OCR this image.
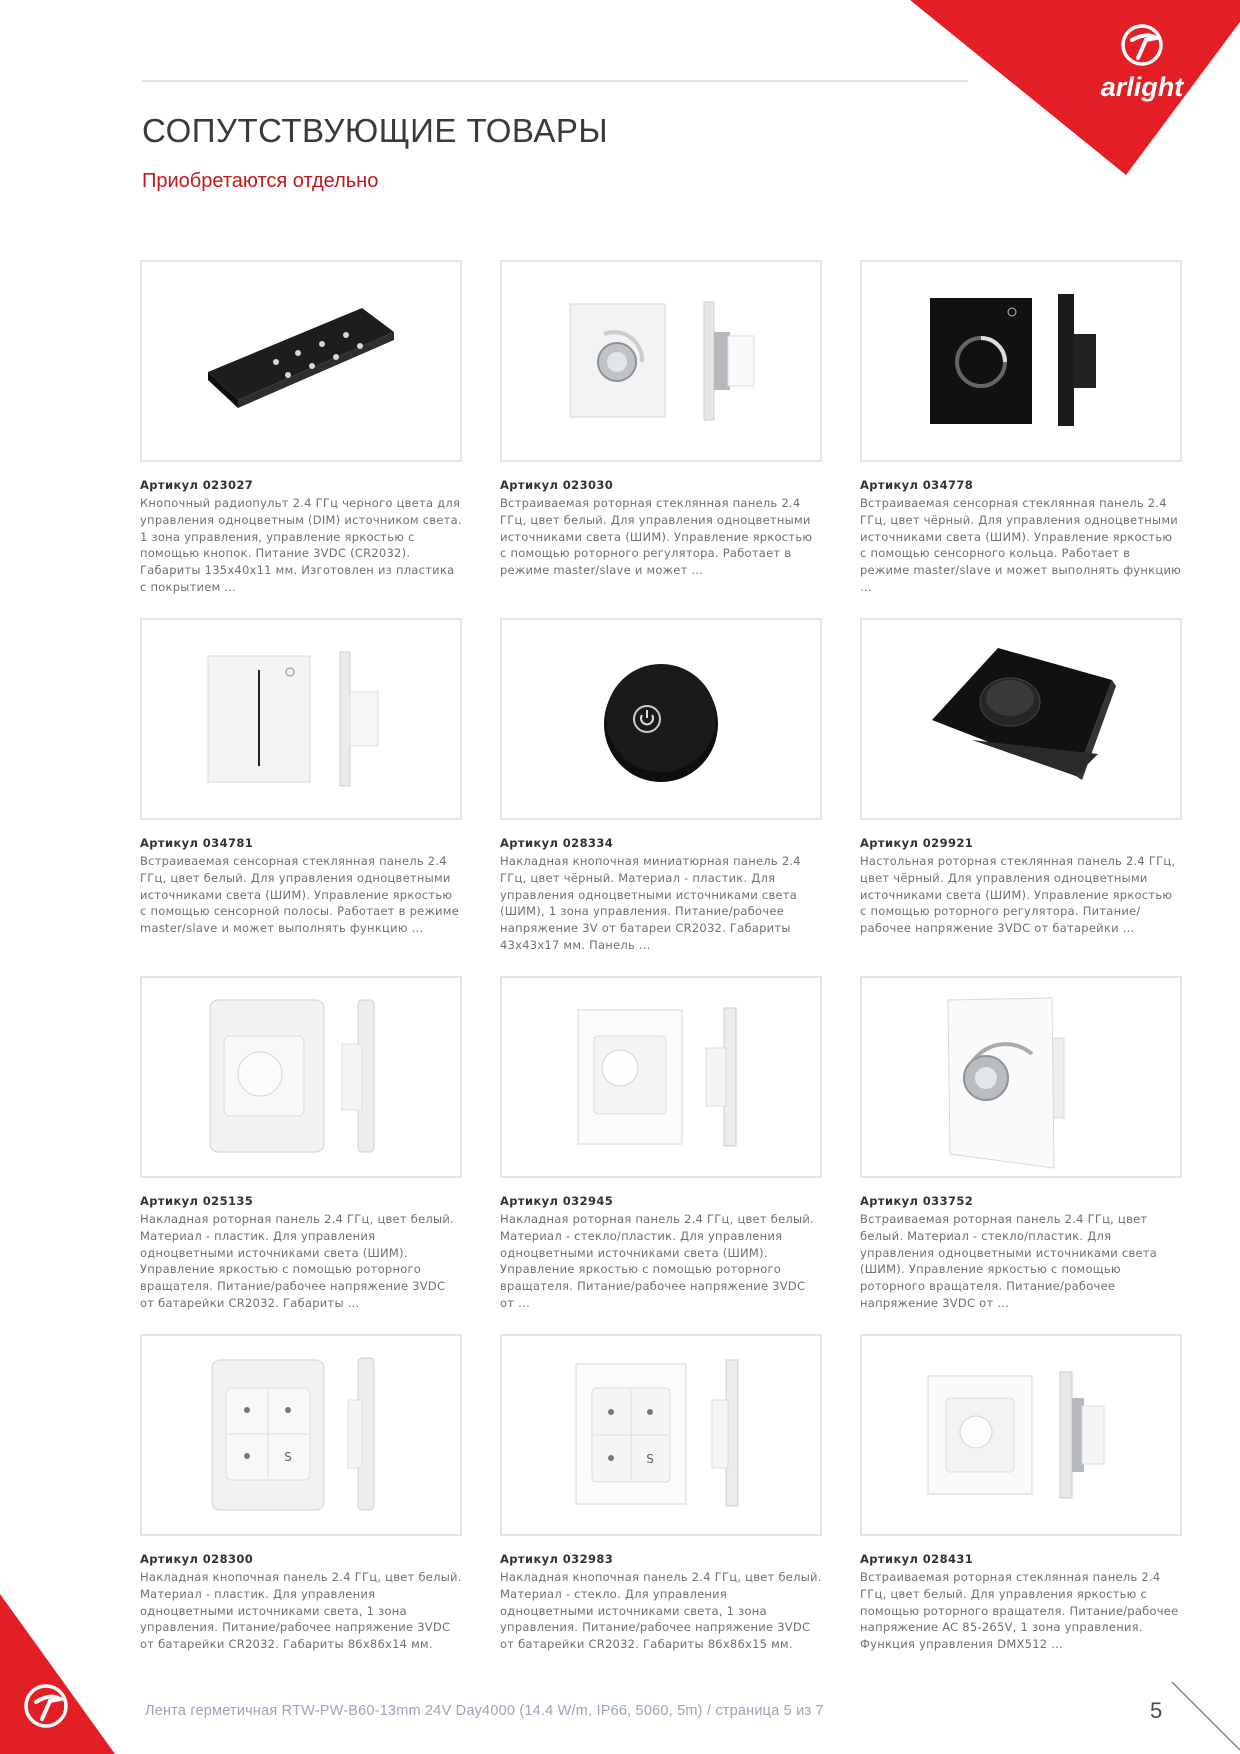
arlight
СОПУТСТВУЮЩИЕ ТОВАРЫ
Приобретаются отдельно
Артикул 023027
Кнопочный радиопульт 2.4 ГГц черного цвета для управления одноцветным (DIM) источником света. 1 зона управления, управление яркостью с помощью кнопок. Питание 3VDC (CR2032). Габариты 135x40x11 мм. Изготовлен из пластика с покрытием ...
Артикул 023030
Встраиваемая роторная стеклянная панель 2.4 ГГц, цвет белый. Для управления одноцветными источниками света (ШИМ). Управление яркостью с помощью роторного регулятора. Работает в режиме master/slave и может ...
Артикул 034778
Встраиваемая сенсорная стеклянная панель 2.4 ГГц, цвет чёрный. Для управления одноцветными источниками света (ШИМ). Управление яркостью с помощью сенсорного кольца. Работает в режиме master/slave и может выполнять функцию ...
Артикул 034781
Встраиваемая сенсорная стеклянная панель 2.4 ГГц, цвет белый. Для управления одноцветными источниками света (ШИМ). Управление яркостью с помощью сенсорной полосы. Работает в режиме master/slave и может выполнять функцию ...
Артикул 028334
Накладная кнопочная миниатюрная панель 2.4 ГГц, цвет чёрный. Материал - пластик. Для управления одноцветными источниками света (ШИМ), 1 зона управления. Питание/рабочее напряжение 3V от батареи CR2032. Габариты 43x43x17 мм. Панель ...
Артикул 029921
Настольная роторная стеклянная панель 2.4 ГГц, цвет чёрный. Для управления одноцветными источниками света (ШИМ). Управление яркостью с помощью роторного регулятора. Питание/рабочее напряжение 3VDC от батарейки ...
Артикул 025135
Накладная роторная панель 2.4 ГГц, цвет белый. Материал - пластик. Для управления одноцветными источниками света (ШИМ). Управление яркостью с помощью роторного вращателя. Питание/рабочее напряжение 3VDC от батарейки CR2032. Габариты ...
Артикул 032945
Накладная роторная панель 2.4 ГГц, цвет белый. Материал - стекло/пластик. Для управления одноцветными источниками света (ШИМ). Управление яркостью с помощью роторного вращателя. Питание/рабочее напряжение 3VDC от ...
Артикул 033752
Встраиваемая роторная панель 2.4 ГГц, цвет белый. Материал - стекло/пластик. Для управления одноцветными источниками света (ШИМ). Управление яркостью с помощью роторного вращателя. Питание/рабочее напряжение 3VDC от ...
S
Артикул 028300
Накладная кнопочная панель 2.4 ГГц, цвет белый. Материал - пластик. Для управления одноцветными источниками света, 1 зона управления. Питание/рабочее напряжение 3VDC от батарейки CR2032. Габариты 86x86x14 мм.
S
Артикул 032983
Накладная кнопочная панель 2.4 ГГц, цвет белый. Материал - стекло. Для управления одноцветными источниками света, 1 зона управления. Питание/рабочее напряжение 3VDC от батарейки CR2032. Габариты 86x86x15 мм.
Артикул 028431
Встраиваемая роторная стеклянная панель 2.4 ГГц, цвет белый. Для управления яркостью с помощью роторного вращателя. Питание/рабочее напряжение AC 85-265V, 1 зона управления. Функция управления DMX512 ...
Лента герметичная RTW-PW-B60-13mm 24V Day4000 (14.4 W/m, IP66, 5060, 5m) / страница 5 из 7	5
